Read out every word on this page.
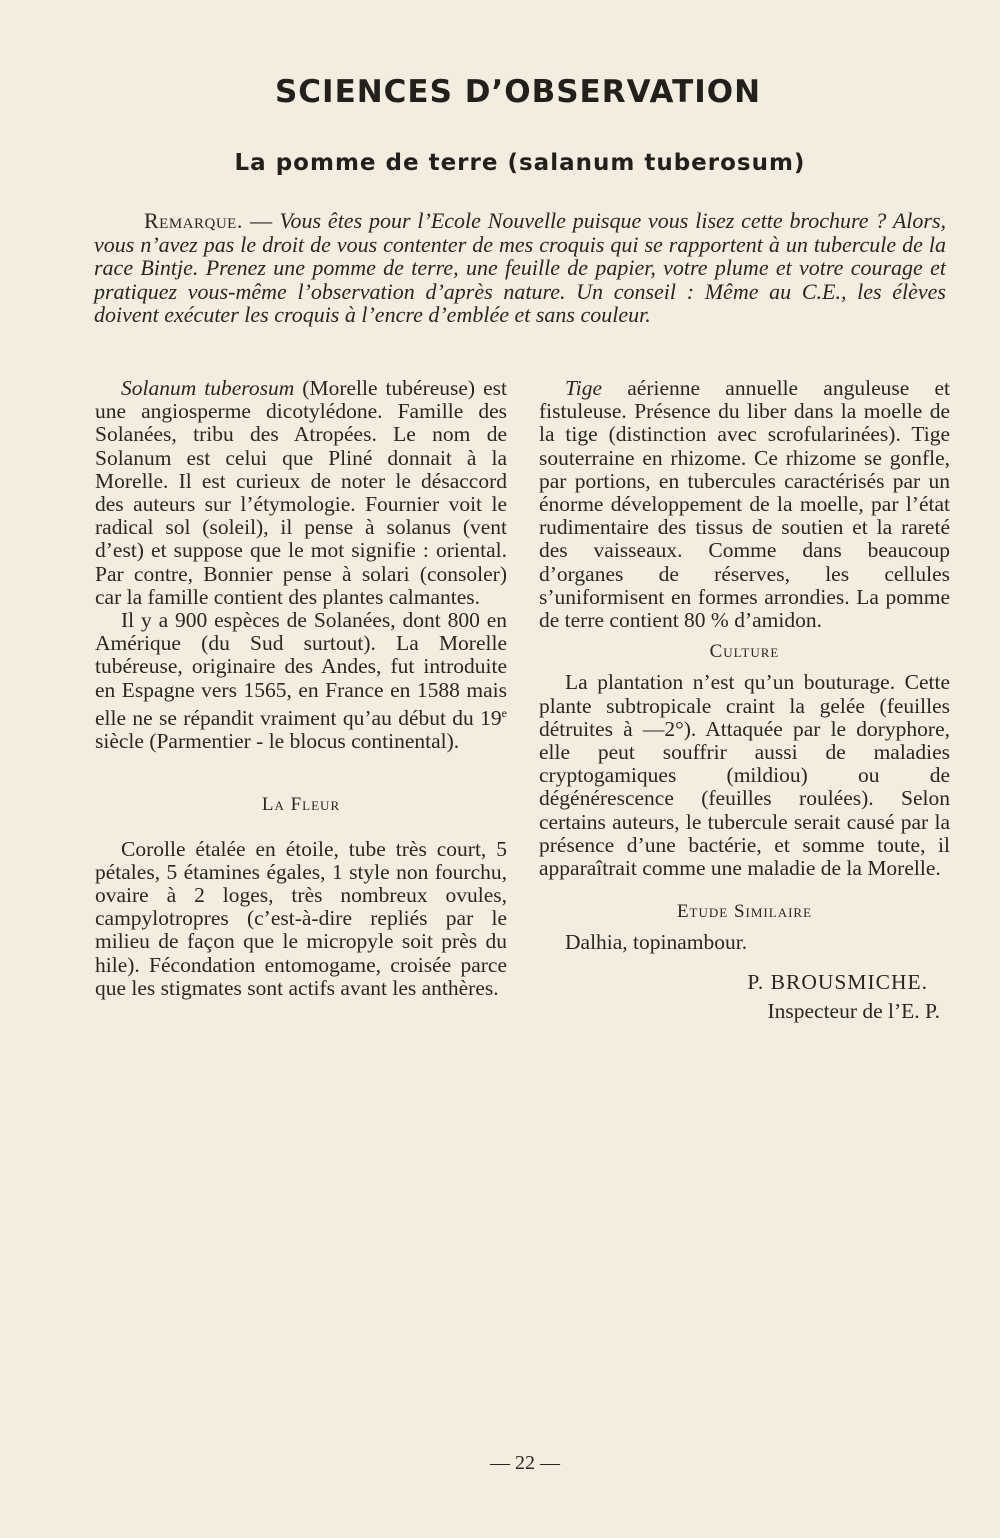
SCIENCES D’OBSERVATION
La pomme de terre (salanum tuberosum)
Remarque. — Vous êtes pour l’Ecole Nouvelle puisque vous lisez cette brochure ? Alors, vous n’avez pas le droit de vous contenter de mes croquis qui se rapportent à un tubercule de la race Bintje. Prenez une pomme de terre, une feuille de papier, votre plume et votre courage et pratiquez vous-même l’observation d’après nature. Un conseil : Même au C.E., les élèves doivent exécuter les croquis à l’encre d’emblée et sans couleur.

Solanum tuberosum (Morelle tubéreuse) est une angiosperme dicotylédone. Famille des Solanées, tribu des Atropées. Le nom de Solanum est celui que Pliné donnait à la Morelle. Il est curieux de noter le désaccord des auteurs sur l’étymologie. Fournier voit le radical sol (soleil), il pense à solanus (vent d’est) et suppose que le mot signifie : oriental. Par contre, Bonnier pense à solari (consoler) car la famille contient des plantes calmantes.

Il y a 900 espèces de Solanées, dont 800 en Amérique (du Sud surtout). La Morelle tubéreuse, originaire des Andes, fut introduite en Espagne vers 1565, en France en 1588 mais elle ne se répandit vraiment qu’au début du 19e siècle (Parmentier - le blocus continental).

La Fleur

Corolle étalée en étoile, tube très court, 5 pétales, 5 étamines égales, 1 style non fourchu, ovaire à 2 loges, très nombreux ovules, campylotropres (c’est-à-dire repliés par le milieu de façon que le micropyle soit près du hile). Fécondation entomogame, croisée parce que les stigmates sont actifs avant les anthères.

Tige aérienne annuelle anguleuse et fistuleuse. Présence du liber dans la moelle de la tige (distinction avec scrofularinées). Tige souterraine en rhizome. Ce rhizome se gonfle, par portions, en tubercules caractérisés par un énorme développement de la moelle, par l’état rudimentaire des tissus de soutien et la rareté des vaisseaux. Comme dans beaucoup d’organes de réserves, les cellules s’uniformisent en formes arrondies. La pomme de terre contient 80 % d’amidon.

Culture

La plantation n’est qu’un bouturage. Cette plante subtropicale craint la gelée (feuilles détruites à —2°). Attaquée par le doryphore, elle peut souffrir aussi de maladies cryptogamiques (mildiou) ou de dégénérescence (feuilles roulées). Selon certains auteurs, le tubercule serait causé par la présence d’une bactérie, et somme toute, il apparaîtrait comme une maladie de la Morelle.

Etude Similaire

Dalhia, topinambour.

P. BROUSMICHE.

Inspecteur de l’E. P.

— 22 —
